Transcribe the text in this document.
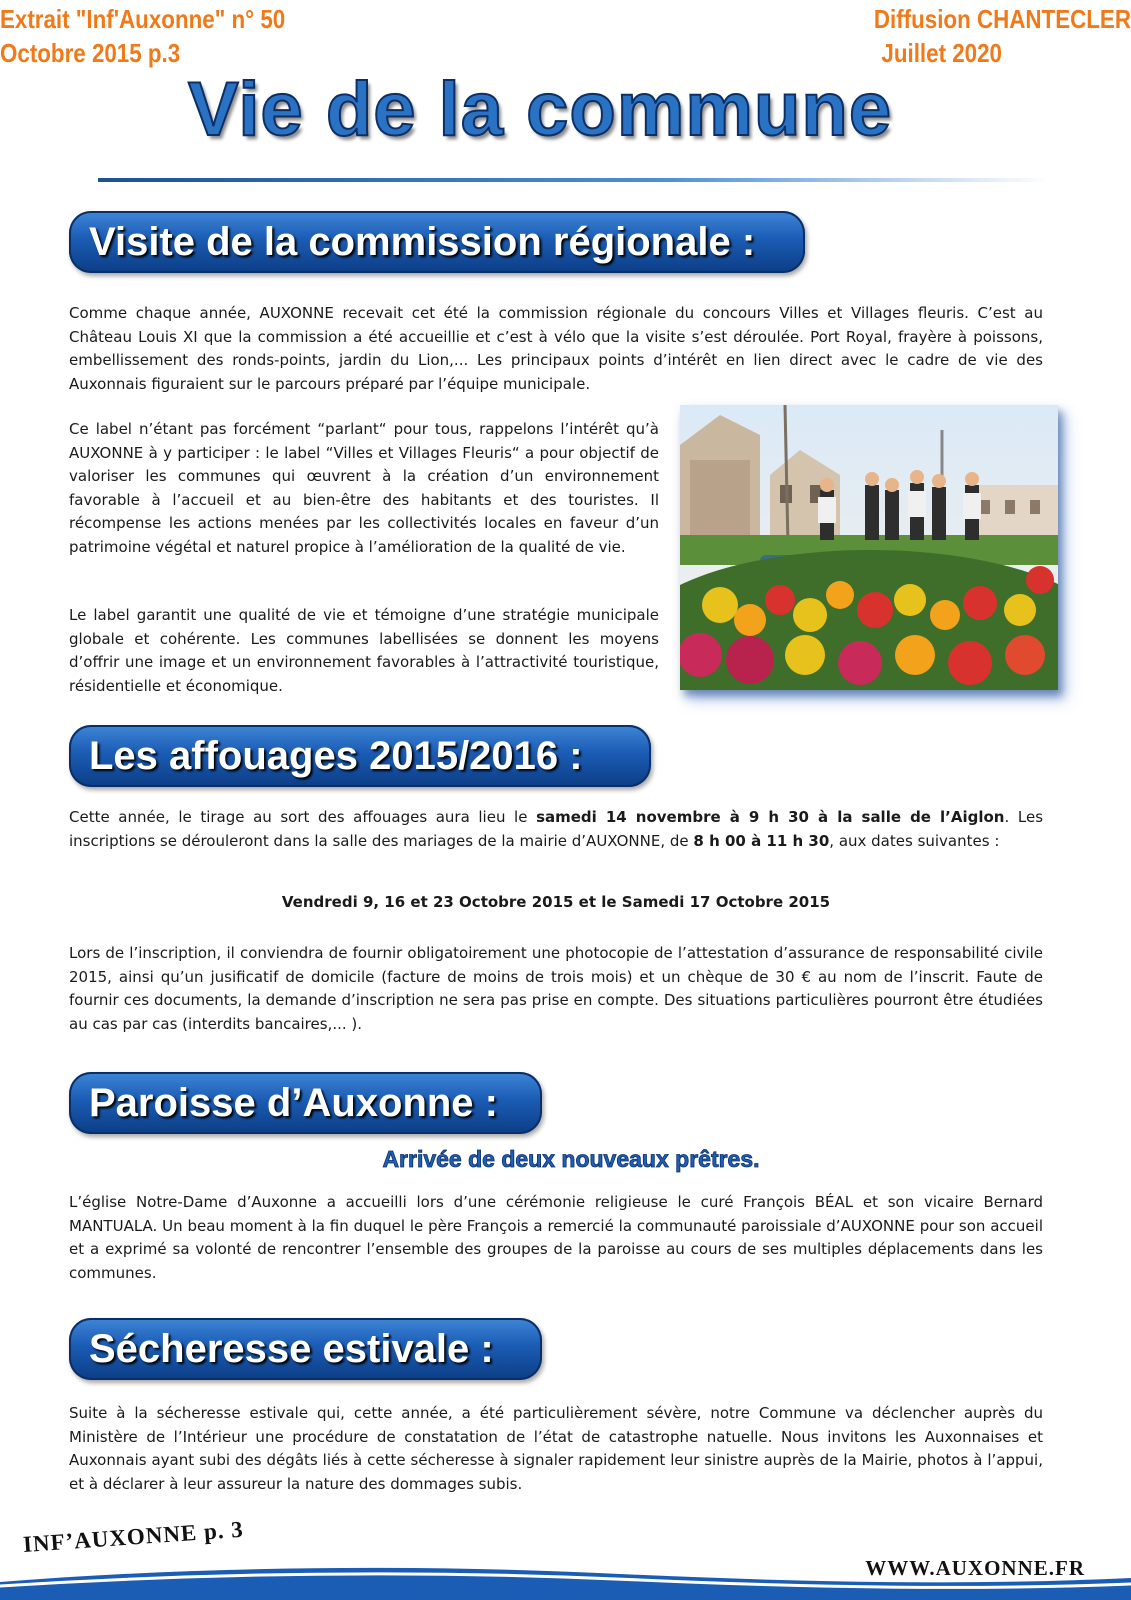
Extrait "Inf'Auxonne" n° 50
Octobre 2015 p.3
Diffusion CHANTECLER
Juillet 2020
Vie de la commune
Visite de la commission régionale :

Comme chaque année, AUXONNE recevait cet été la commission régionale du concours Villes et Villages fleuris. C’est au Château Louis XI que la commission a été accueillie et c’est à vélo que la visite s’est déroulée. Port Royal, frayère à poissons, embellissement des ronds-points, jardin du Lion,... Les principaux points d’intérêt en lien direct avec le cadre de vie des Auxonnais figuraient sur le parcours préparé par l’équipe municipale.

Ce label n’étant pas forcément “parlant“ pour tous, rappelons l’intérêt qu’à AUXONNE à y participer : le label “Villes et Villages Fleuris“ a pour objectif de valoriser les communes qui œuvrent à la création d’un environnement favorable à l’accueil et au bien-être des habitants et des touristes. Il récompense les actions menées par les collectivités locales en faveur d’un patrimoine végétal et naturel propice à l’amélioration de la qualité de vie.

Le label garantit une qualité de vie et témoigne d’une stratégie municipale globale et cohérente. Les communes labellisées se donnent les moyens d’offrir une image et un environnement favorables à l’attractivité touristique, résidentielle et économique.

Les affouages 2015/2016 :

Cette année, le tirage au sort des affouages aura lieu le samedi 14 novembre à 9 h 30 à la salle de l’Aiglon. Les inscriptions se dérouleront dans la salle des mariages de la mairie d’AUXONNE, de 8 h 00 à 11 h 30, aux dates suivantes :

Vendredi 9, 16 et 23 Octobre 2015 et le Samedi 17 Octobre 2015

Lors de l’inscription, il conviendra de fournir obligatoirement une photocopie de l’attestation d’assurance de responsabilité civile 2015, ainsi qu’un jusificatif de domicile (facture de moins de trois mois) et un chèque de 30 € au nom de l’inscrit. Faute de fournir ces documents, la demande d’inscription ne sera pas prise en compte. Des situations particulières pourront être étudiées au cas par cas (interdits bancaires,... ).

Paroisse d’Auxonne :

Arrivée de deux nouveaux prêtres.

L’église Notre-Dame d’Auxonne a accueilli lors d’une cérémonie religieuse le curé François BÉAL et son vicaire Bernard MANTUALA. Un beau moment à la fin duquel le père François a remercié la communauté paroissiale d’AUXONNE pour son accueil et a exprimé sa volonté de rencontrer l’ensemble des groupes de la paroisse au cours de ses multiples déplacements dans les communes.

Sécheresse estivale :

Suite à la sécheresse estivale qui, cette année, a été particulièrement sévère, notre Commune va déclencher auprès du Ministère de l’Intérieur une procédure de constatation de l’état de catastrophe natuelle. Nous invitons les Auxonnaises et Auxonnais ayant subi des dégâts liés à cette sécheresse à signaler rapidement leur sinistre auprès de la Mairie, photos à l’appui, et à déclarer à leur assureur la nature des dommages subis.

INF’AUXONNE p. 3
WWW.AUXONNE.FR
